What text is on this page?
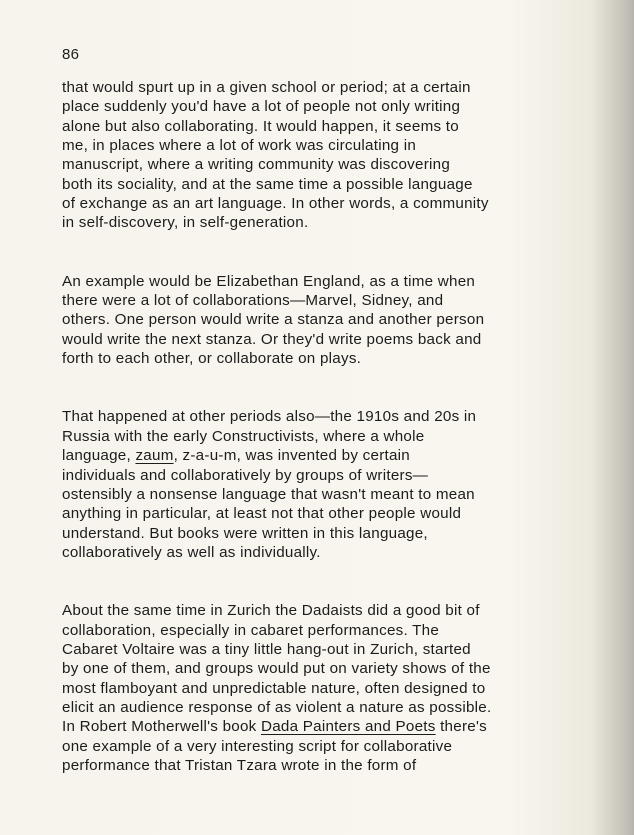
86

that would spurt up in a given school or period; at a certain
place suddenly you'd have a lot of people not only writing
alone but also collaborating. It would happen, it seems to
me, in places where a lot of work was circulating in
manuscript, where a writing community was discovering
both its sociality, and at the same time a possible language
of exchange as an art language. In other words, a community
in self-discovery, in self-generation.

An example would be Elizabethan England, as a time when
there were a lot of collaborations—Marvel, Sidney, and
others. One person would write a stanza and another person
would write the next stanza. Or they'd write poems back and
forth to each other, or collaborate on plays.

That happened at other periods also—the 1910s and 20s in
Russia with the early Constructivists, where a whole
language, zaum, z-a-u-m, was invented by certain
individuals and collaboratively by groups of writers—
ostensibly a nonsense language that wasn't meant to mean
anything in particular, at least not that other people would
understand. But books were written in this language,
collaboratively as well as individually.

About the same time in Zurich the Dadaists did a good bit of
collaboration, especially in cabaret performances. The
Cabaret Voltaire was a tiny little hang-out in Zurich, started
by one of them, and groups would put on variety shows of the
most flamboyant and unpredictable nature, often designed to
elicit an audience response of as violent a nature as possible.
In Robert Motherwell's book Dada Painters and Poets there's
one example of a very interesting script for collaborative
performance that Tristan Tzara wrote in the form of
